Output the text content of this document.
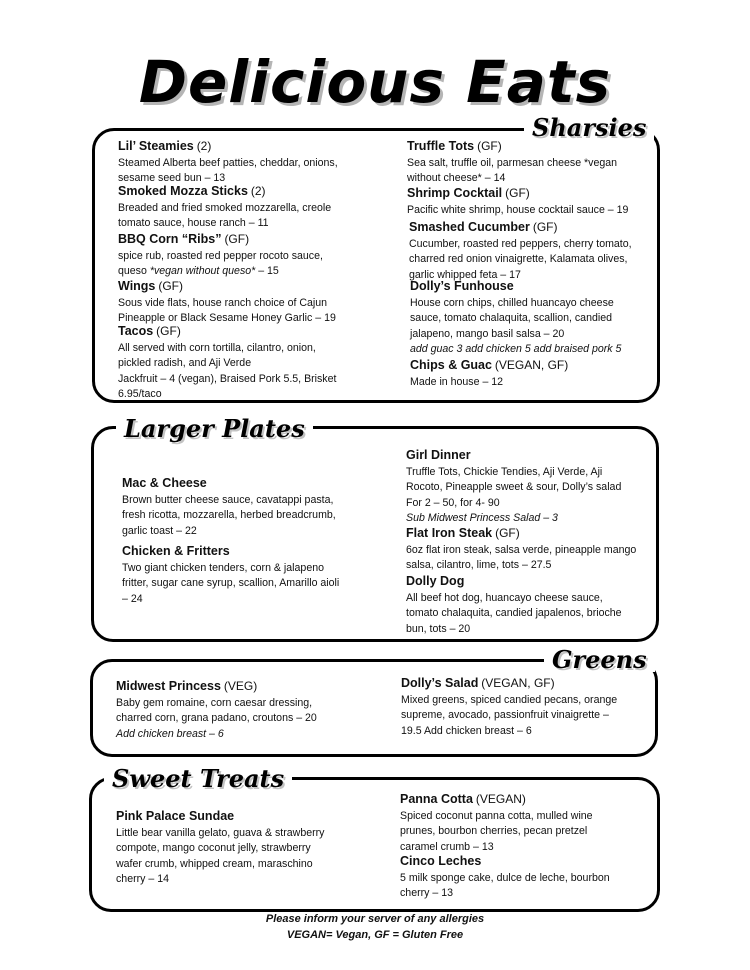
Delicious Eats
Sharsies
Lil’ Steamies (2)
Steamed Alberta beef patties, cheddar, onions, sesame seed bun – 13
Smoked Mozza Sticks (2)
Breaded and fried smoked mozzarella, creole tomato sauce, house ranch – 11
BBQ Corn “Ribs” (GF)
spice rub, roasted red pepper rocoto sauce, queso *vegan without queso* – 15
Wings (GF)
Sous vide flats, house ranch choice of Cajun Pineapple or Black Sesame Honey Garlic – 19
Tacos (GF)
All served with corn tortilla, cilantro, onion, pickled radish, and Aji Verde
Jackfruit – 4 (vegan), Braised Pork 5.5, Brisket 6.95/taco
Truffle Tots (GF)
Sea salt, truffle oil, parmesan cheese *vegan without cheese* – 14
Shrimp Cocktail (GF)
Pacific white shrimp, house cocktail sauce – 19
Smashed Cucumber (GF)
Cucumber, roasted red peppers, cherry tomato, charred red onion vinaigrette, Kalamata olives, garlic whipped feta – 17
Dolly’s Funhouse
House corn chips, chilled huancayo cheese sauce, tomato chalaquita, scallion, candied jalapeno, mango basil salsa – 20
add guac 3 add chicken 5 add braised pork 5
Chips & Guac (VEGAN, GF)
Made in house – 12
Larger Plates
Mac & Cheese
Brown butter cheese sauce, cavatappi pasta, fresh ricotta, mozzarella, herbed breadcrumb, garlic toast – 22
Chicken & Fritters
Two giant chicken tenders, corn & jalapeno fritter, sugar cane syrup, scallion, Amarillo aioli – 24
Girl Dinner
Truffle Tots, Chickie Tendies, Aji Verde, Aji Rocoto, Pineapple sweet & sour, Dolly’s salad
For 2 – 50, for 4- 90
Sub Midwest Princess Salad – 3
Flat Iron Steak (GF)
6oz flat iron steak, salsa verde, pineapple mango salsa, cilantro, lime, tots – 27.5
Dolly Dog
All beef hot dog, huancayo cheese sauce, tomato chalaquita, candied japalenos, brioche bun, tots – 20
Greens
Midwest Princess (VEG)
Baby gem romaine, corn caesar dressing, charred corn, grana padano, croutons – 20
Add chicken breast – 6
Dolly’s Salad (VEGAN, GF)
Mixed greens, spiced candied pecans, orange supreme, avocado, passionfruit vinaigrette – 19.5 Add chicken breast – 6
Sweet Treats
Pink Palace Sundae
Little bear vanilla gelato, guava & strawberry compote, mango coconut jelly, strawberry wafer crumb, whipped cream, maraschino cherry – 14
Panna Cotta (VEGAN)
Spiced coconut panna cotta, mulled wine prunes, bourbon cherries, pecan pretzel caramel crumb – 13
Cinco Leches
5 milk sponge cake, dulce de leche, bourbon cherry – 13
Please inform your server of any allergies
VEGAN= Vegan, GF = Gluten Free
